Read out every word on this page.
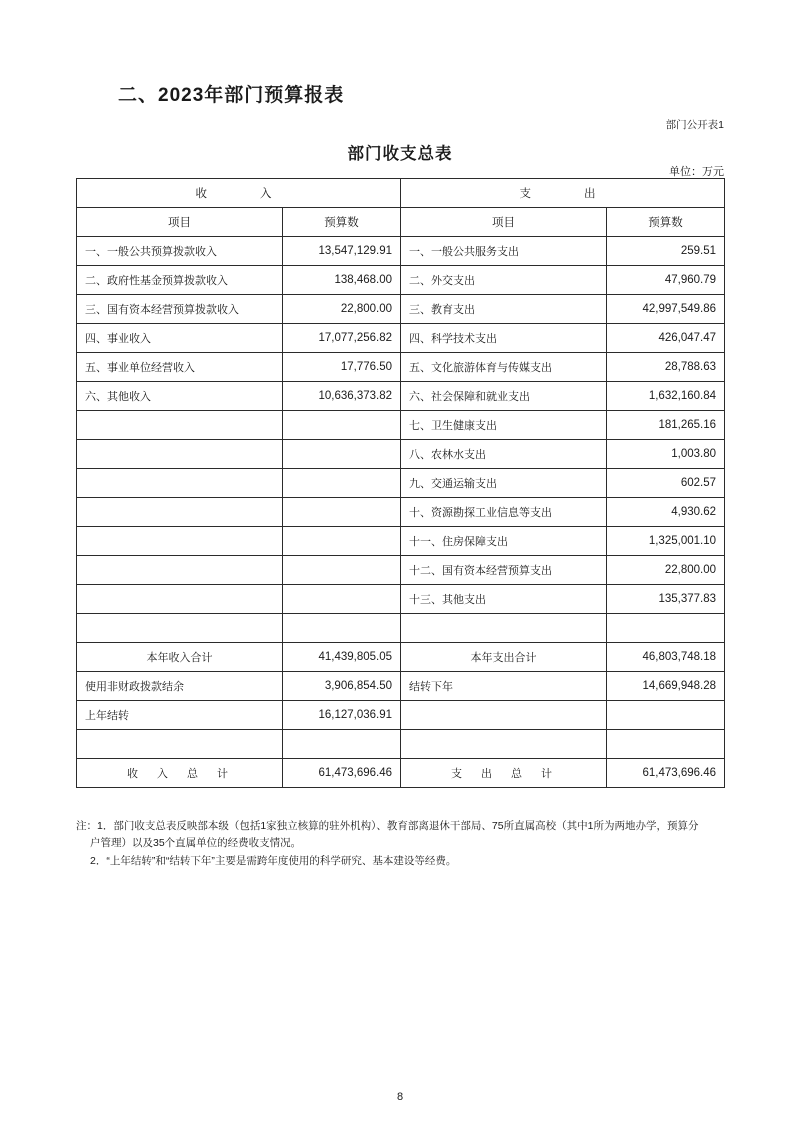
二、2023年部门预算报表
部门公开表1
部门收支总表
单位：万元
收　　入		支　　出	
项目	预算数	项目	预算数
一、一般公共预算拨款收入	13,547,129.91	一、一般公共服务支出	259.51
二、政府性基金预算拨款收入	138,468.00	二、外交支出	47,960.79
三、国有资本经营预算拨款收入	22,800.00	三、教育支出	42,997,549.86
四、事业收入	17,077,256.82	四、科学技术支出	426,047.47
五、事业单位经营收入	17,776.50	五、文化旅游体育与传媒支出	28,788.63
六、其他收入	10,636,373.82	六、社会保障和就业支出	1,632,160.84
		七、卫生健康支出	181,265.16
		八、农林水支出	1,003.80
		九、交通运输支出	602.57
		十、资源勘探工业信息等支出	4,930.62
		十一、住房保障支出	1,325,001.10
		十二、国有资本经营预算支出	22,800.00
		十三、其他支出	135,377.83

本年收入合计	41,439,805.05	本年支出合计	46,803,748.18
使用非财政拨款结余	3,906,854.50	结转下年	14,669,948.28
上年结转	16,127,036.91		

收　入　总　计	61,473,696.46	支　出　总　计	61,473,696.46
注：1．部门收支总表反映部本级（包括1家独立核算的驻外机构）、教育部离退休干部局、75所直属高校（其中1所为两地办学，预算分
户管理）以及35个直属单位的经费收支情况。
2．“上年结转”和“结转下年”主要是需跨年度使用的科学研究、基本建设等经费。
8
